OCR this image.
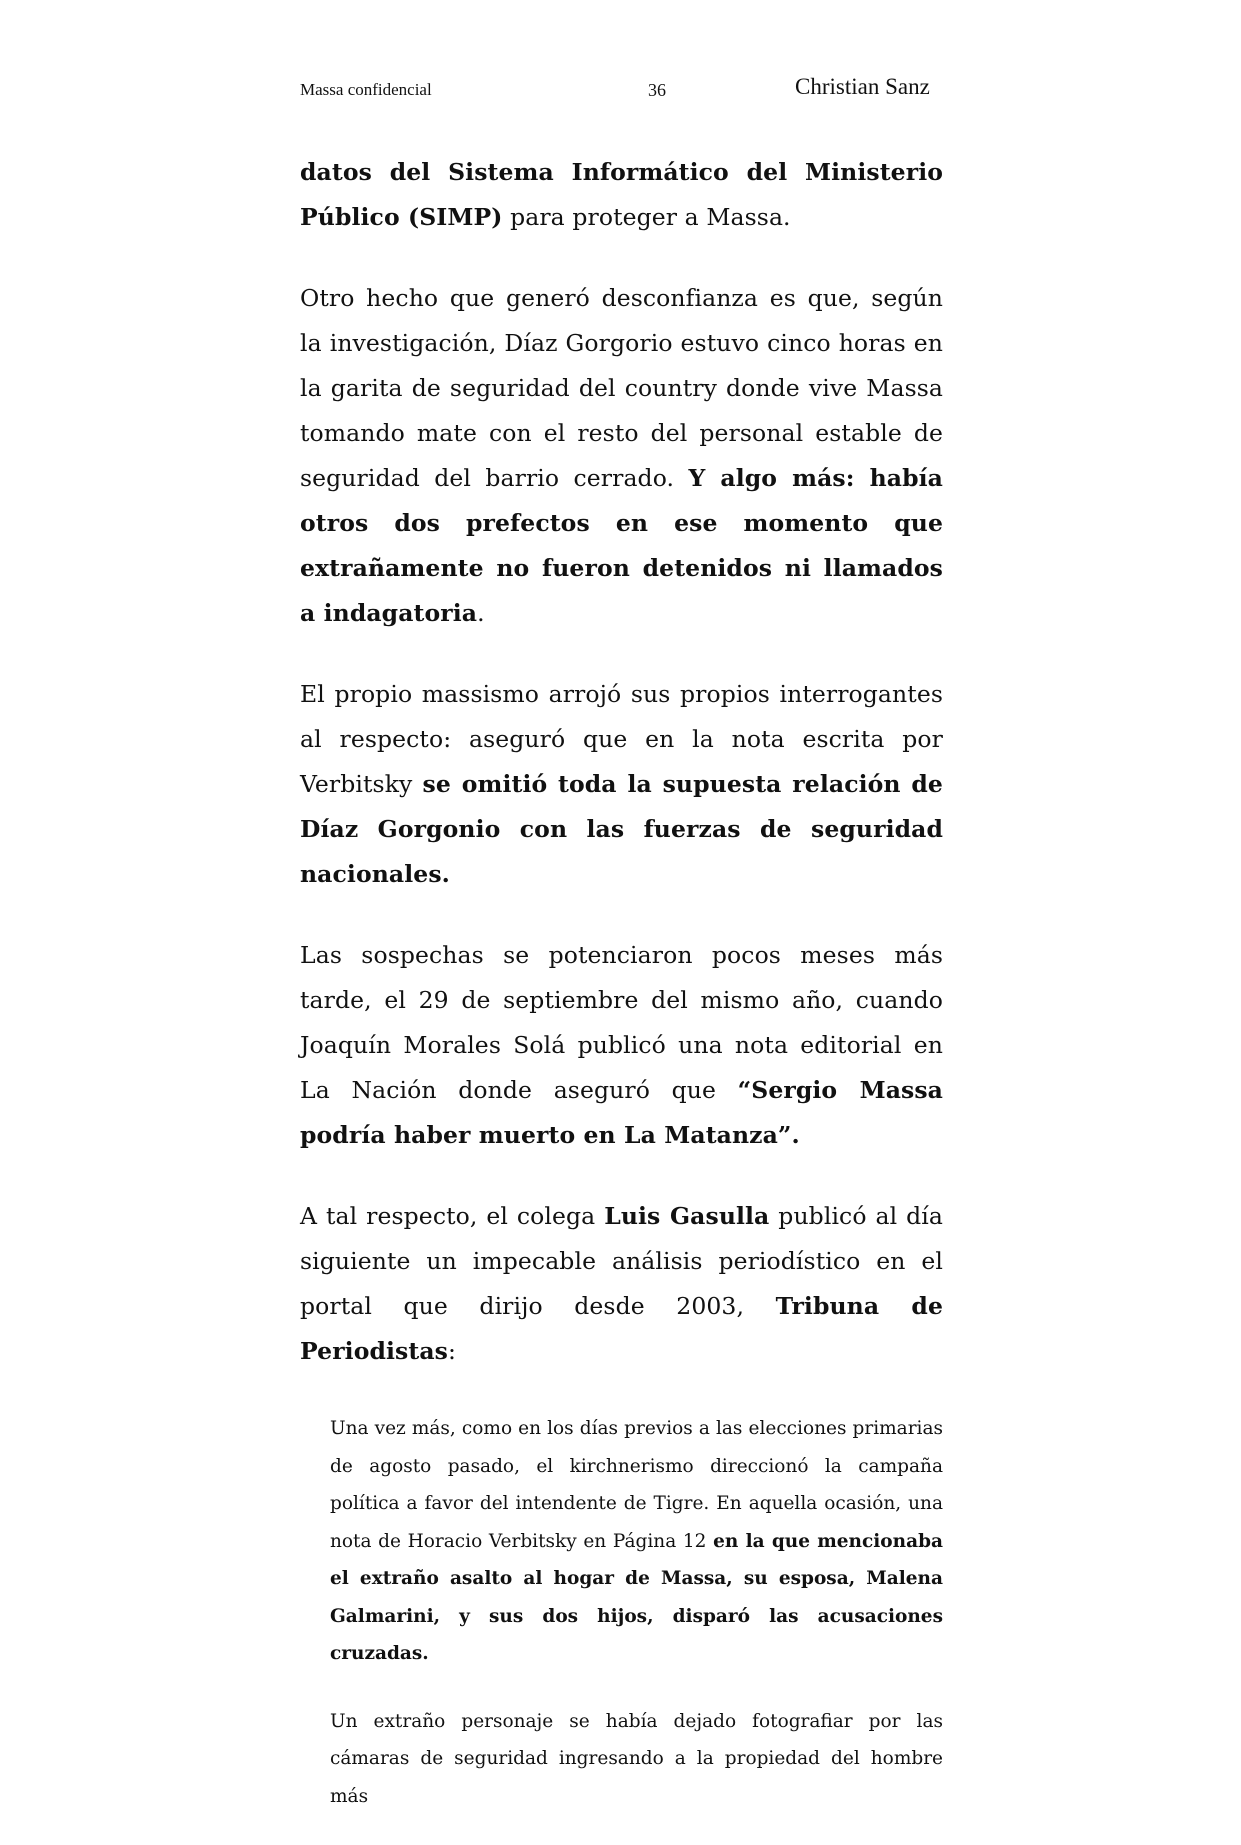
Massa confidencial	36	Christian Sanz

datos del Sistema Informático del Ministerio Público (SIMP) para proteger a Massa.

Otro hecho que generó desconfianza es que, según la investigación, Díaz Gorgorio estuvo cinco horas en la garita de seguridad del country donde vive Massa tomando mate con el resto del personal estable de seguridad del barrio cerrado. Y algo más: había otros dos prefectos en ese momento que extrañamente no fueron detenidos ni llamados a indagatoria.

El propio massismo arrojó sus propios interrogantes al respecto: aseguró que en la nota escrita por Verbitsky se omitió toda la supuesta relación de Díaz Gorgonio con las fuerzas de seguridad nacionales.

Las sospechas se potenciaron pocos meses más tarde, el 29 de septiembre del mismo año, cuando Joaquín Morales Solá publicó una nota editorial en La Nación donde aseguró que “Sergio Massa podría haber muerto en La Matanza”.

A tal respecto, el colega Luis Gasulla publicó al día siguiente un impecable análisis periodístico en el portal que dirijo desde 2003, Tribuna de Periodistas:

Una vez más, como en los días previos a las elecciones primarias de agosto pasado, el kirchnerismo direccionó la campaña política a favor del intendente de Tigre. En aquella ocasión, una nota de Horacio Verbitsky en Página 12 en la que mencionaba el extraño asalto al hogar de Massa, su esposa, Malena Galmarini, y sus dos hijos, disparó las acusaciones cruzadas.

Un extraño personaje se había dejado fotografiar por las cámaras de seguridad ingresando a la propiedad del hombre más
